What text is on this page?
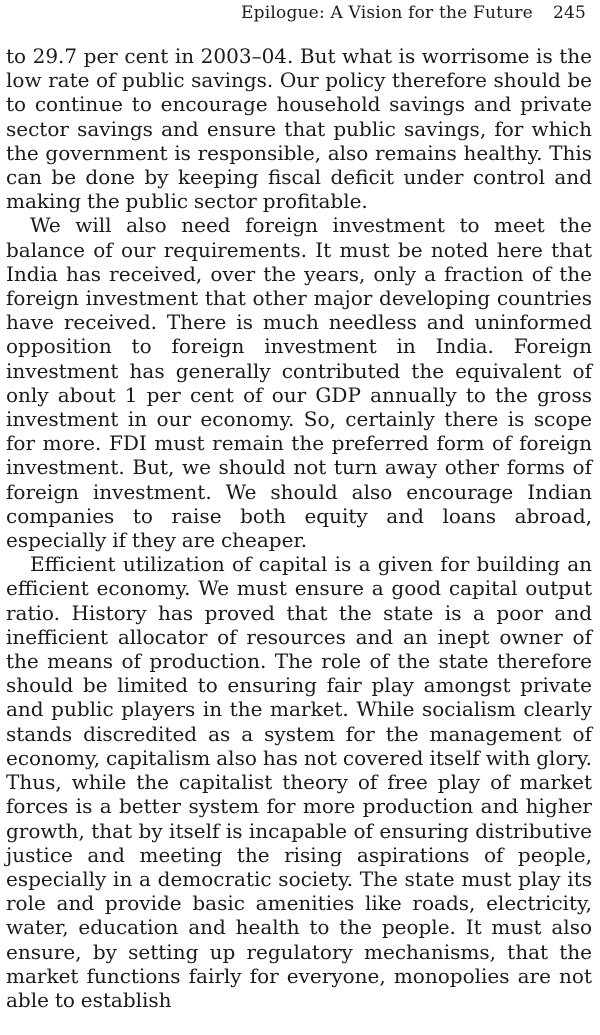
Epilogue: A Vision for the Future 245

to 29.7 per cent in 2003–04. But what is worrisome is the low rate of public savings. Our policy therefore should be to continue to encourage household savings and private sector savings and ensure that public savings, for which the government is responsible, also remains healthy. This can be done by keeping fiscal deficit under control and making the public sector profitable.

We will also need foreign investment to meet the balance of our requirements. It must be noted here that India has received, over the years, only a fraction of the foreign investment that other major developing countries have received. There is much needless and uninformed opposition to foreign investment in India. Foreign investment has generally contributed the equivalent of only about 1 per cent of our GDP annually to the gross investment in our economy. So, certainly there is scope for more. FDI must remain the preferred form of foreign investment. But, we should not turn away other forms of foreign investment. We should also encourage Indian companies to raise both equity and loans abroad, especially if they are cheaper.

Efficient utilization of capital is a given for building an efficient economy. We must ensure a good capital output ratio. History has proved that the state is a poor and inefficient allocator of resources and an inept owner of the means of production. The role of the state therefore should be limited to ensuring fair play amongst private and public players in the market. While socialism clearly stands discredited as a system for the management of economy, capitalism also has not covered itself with glory. Thus, while the capitalist theory of free play of market forces is a better system for more production and higher growth, that by itself is incapable of ensuring distributive justice and meeting the rising aspirations of people, especially in a democratic society. The state must play its role and provide basic amenities like roads, electricity, water, education and health to the people. It must also ensure, by setting up regulatory mechanisms, that the market functions fairly for everyone, monopolies are not able to establish
